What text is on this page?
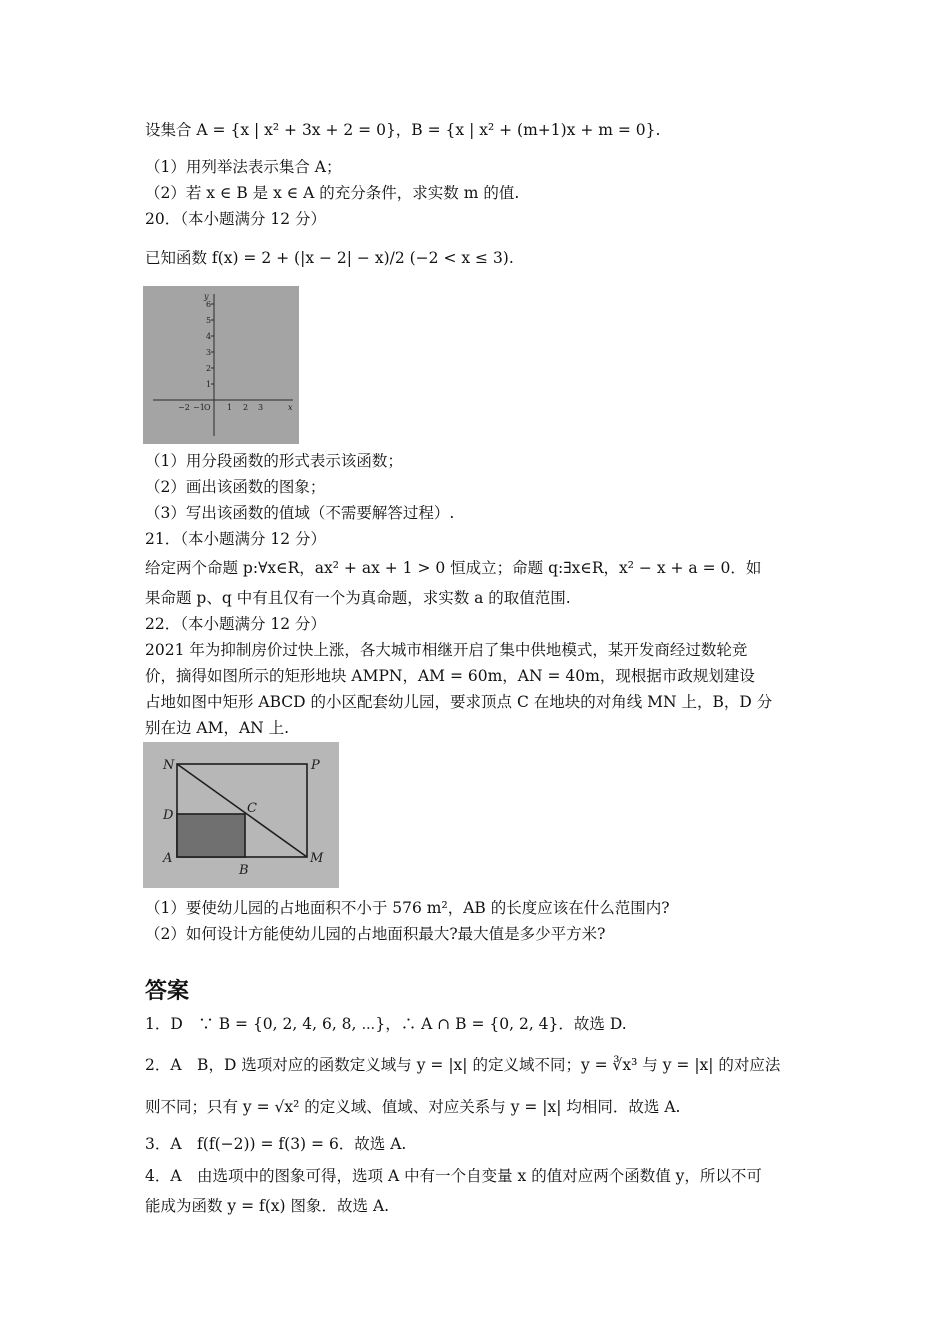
设集合 A = {x | x² + 3x + 2 = 0}，B = {x | x² + (m+1)x + m = 0}.
（1）用列举法表示集合 A；
（2）若 x ∈ B 是 x ∈ A 的充分条件，求实数 m 的值.
20．（本小题满分 12 分）
已知函数 f(x) = 2 + (|x − 2| − x)/2 (−2 < x ≤ 3).
−2 −1 O 1 2 3	x
y
6
5
4
3
2
1
（1）用分段函数的形式表示该函数；
（2）画出该函数的图象；
（3）写出该函数的值域（不需要解答过程）.
21．（本小题满分 12 分）
给定两个命题 p:∀x∈R，ax² + ax + 1 > 0 恒成立；命题 q:∃x∈R，x² − x + a = 0．如
果命题 p、q 中有且仅有一个为真命题，求实数 a 的取值范围.
22．（本小题满分 12 分）
2021 年为抑制房价过快上涨，各大城市相继开启了集中供地模式，某开发商经过数轮竞
价，摘得如图所示的矩形地块 AMPN，AM = 60m，AN = 40m，现根据市政规划建设
占地如图中矩形 ABCD 的小区配套幼儿园，要求顶点 C 在地块的对角线 MN 上，B，D 分
别在边 AM，AN 上.
N	P
D	C
A
B
M
（1）要使幼儿园的占地面积不小于 576 m²，AB 的长度应该在什么范围内?
（2）如何设计方能使幼儿园的占地面积最大?最大值是多少平方米?
答案
1．D　∵ B = {0, 2, 4, 6, 8, ⋯}，∴ A ∩ B = {0, 2, 4}．故选 D.
2．A　B，D 选项对应的函数定义域与 y = |x| 的定义域不同；y = ∛x³ 与 y = |x| 的对应法
则不同；只有 y = √x² 的定义域、值域、对应关系与 y = |x| 均相同．故选 A.
3．A　f(f(−2)) = f(3) = 6．故选 A.
4．A　由选项中的图象可得，选项 A 中有一个自变量 x 的值对应两个函数值 y，所以不可
能成为函数 y = f(x) 图象．故选 A.
